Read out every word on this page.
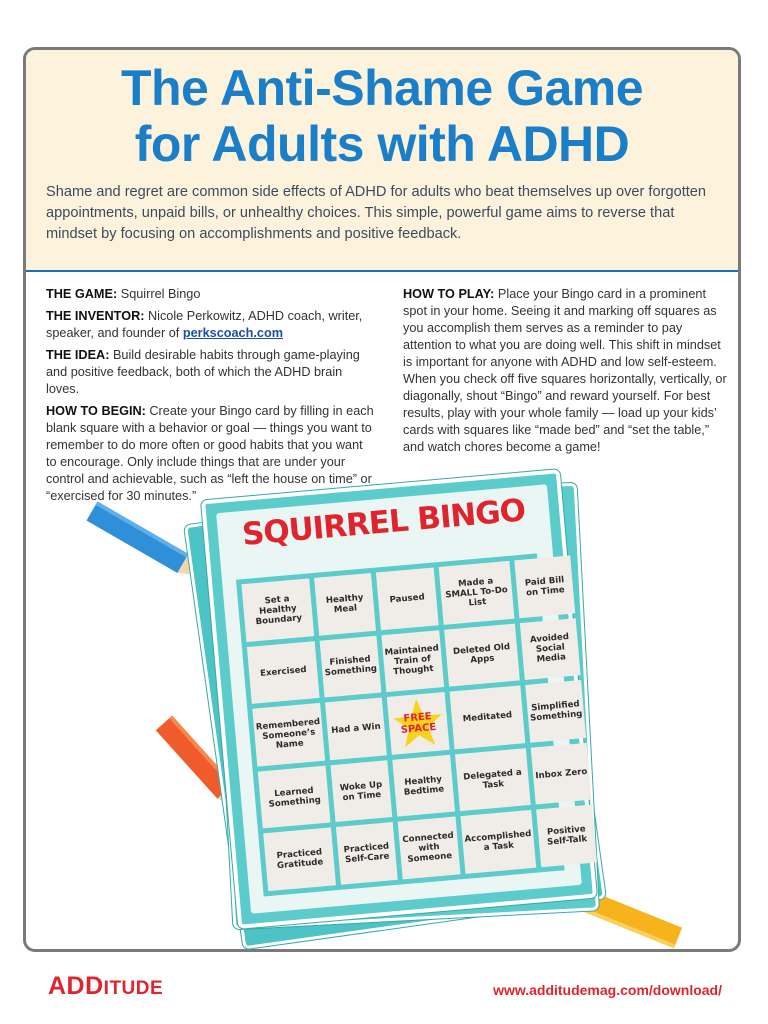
The Anti-Shame Game
for Adults with ADHD

Shame and regret are common side effects of ADHD for adults who beat themselves up over forgotten appointments, unpaid bills, or unhealthy choices. This simple, powerful game aims to reverse that mindset by focusing on accomplishments and positive feedback.

THE GAME: Squirrel Bingo

THE INVENTOR: Nicole Perkowitz, ADHD coach, writer, speaker, and founder of perkscoach.com

THE IDEA: Build desirable habits through game-playing and positive feedback, both of which the ADHD brain loves.

HOW TO BEGIN: Create your Bingo card by filling in each blank square with a behavior or goal — things you want to remember to do more often or good habits that you want to encourage. Only include things that are under your control and achievable, such as “left the house on time” or “exercised for 30 minutes.”

HOW TO PLAY: Place your Bingo card in a prominent spot in your home. Seeing it and marking off squares as you accomplish them serves as a reminder to pay attention to what you are doing well. This shift in mindset is important for anyone with ADHD and low self-esteem. When you check off five squares horizontally, vertically, or diagonally, shout “Bingo” and reward yourself. For best results, play with your whole family — load up your kids’ cards with squares like “made bed” and “set the table,” and watch chores become a game!

SQUIRREL BINGO
Set a Healthy Boundary
Healthy Meal
Paused
Made a SMALL To-Do List
Paid Bill on Time
Exercised
Finished Something
Maintained Train of Thought
Deleted Old Apps
Avoided Social Media
Remembered Someone’s Name
Had a Win
FREE SPACE
Meditated
Simplified Something
Learned Something
Woke Up on Time
Healthy Bedtime
Delegated a Task
Inbox Zero
Practiced Gratitude
Practiced Self-Care
Connected with Someone
Accomplished a Task
Positive Self-Talk
ADDITUDE	www.additudemag.com/download/
